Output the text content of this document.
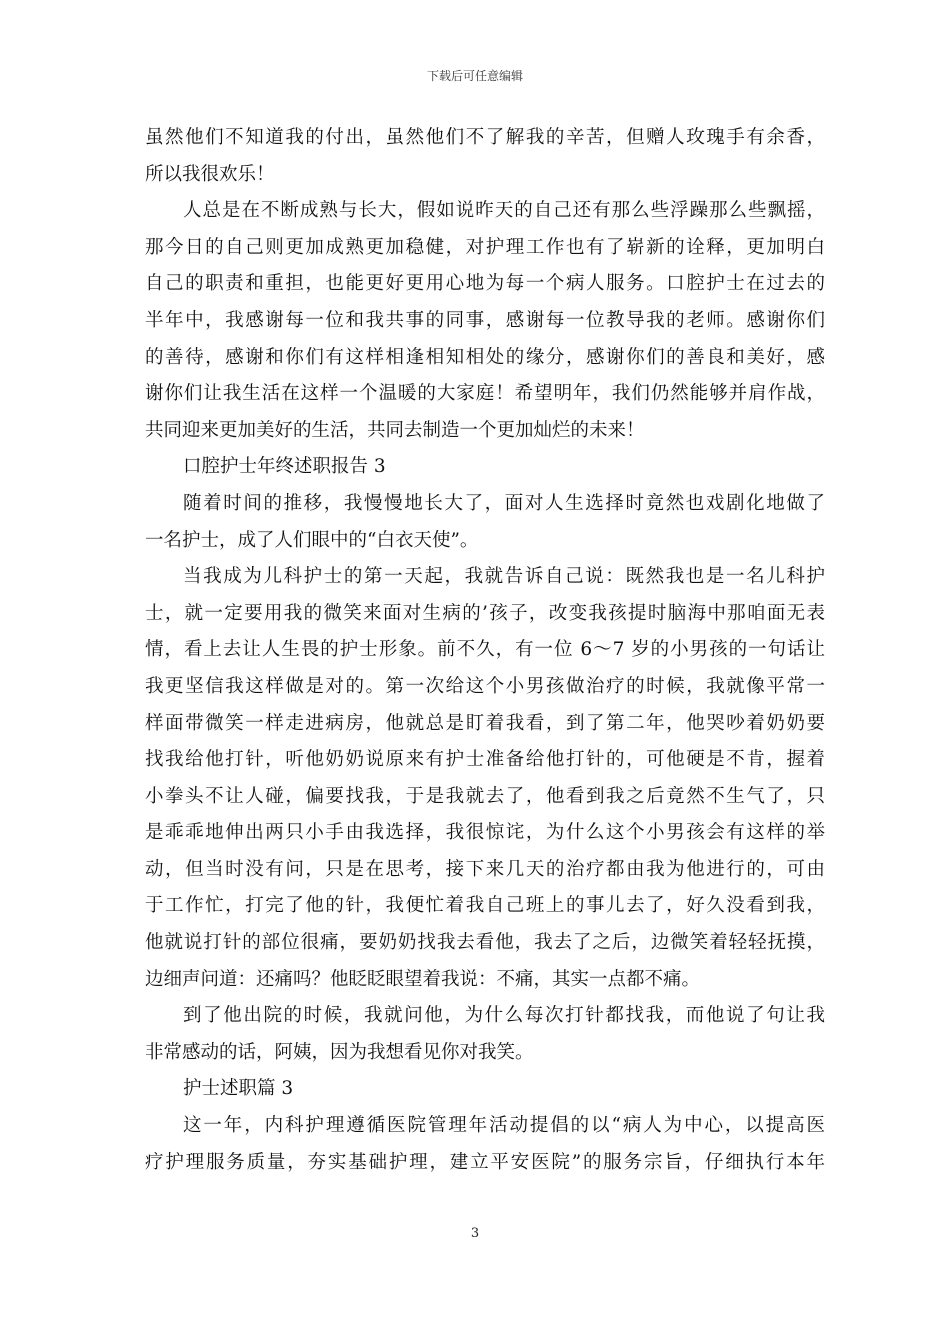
下载后可任意编辑
虽然他们不知道我的付出，虽然他们不了解我的辛苦，但赠人玫瑰手有余香，
所以我很欢乐！
人总是在不断成熟与长大，假如说昨天的自己还有那么些浮躁那么些飘摇，
那今日的自己则更加成熟更加稳健，对护理工作也有了崭新的诠释，更加明白
自己的职责和重担，也能更好更用心地为每一个病人服务。口腔护士在过去的
半年中，我感谢每一位和我共事的同事，感谢每一位教导我的老师。感谢你们
的善待，感谢和你们有这样相逢相知相处的缘分，感谢你们的善良和美好，感
谢你们让我生活在这样一个温暖的大家庭！希望明年，我们仍然能够并肩作战，
共同迎来更加美好的生活，共同去制造一个更加灿烂的未来！
口腔护士年终述职报告 3
随着时间的推移，我慢慢地长大了，面对人生选择时竟然也戏剧化地做了
一名护士，成了人们眼中的“白衣天使”。
当我成为儿科护士的第一天起，我就告诉自己说：既然我也是一名儿科护
士，就一定要用我的微笑来面对生病的’孩子，改变我孩提时脑海中那咱面无表
情，看上去让人生畏的护士形象。前不久，有一位 6～7 岁的小男孩的一句话让
我更坚信我这样做是对的。第一次给这个小男孩做治疗的时候，我就像平常一
样面带微笑一样走进病房，他就总是盯着我看，到了第二年，他哭吵着奶奶要
找我给他打针，听他奶奶说原来有护士准备给他打针的，可他硬是不肯，握着
小拳头不让人碰，偏要找我，于是我就去了，他看到我之后竟然不生气了，只
是乖乖地伸出两只小手由我选择，我很惊诧，为什么这个小男孩会有这样的举
动，但当时没有问，只是在思考，接下来几天的治疗都由我为他进行的，可由
于工作忙，打完了他的针，我便忙着我自己班上的事儿去了，好久没看到我，
他就说打针的部位很痛，要奶奶找我去看他，我去了之后，边微笑着轻轻抚摸，
边细声问道：还痛吗？他眨眨眼望着我说：不痛，其实一点都不痛。
到了他出院的时候，我就问他，为什么每次打针都找我，而他说了句让我
非常感动的话，阿姨，因为我想看见你对我笑。
护士述职篇 3
这一年，内科护理遵循医院管理年活动提倡的以“病人为中心，以提高医
疗护理服务质量，夯实基础护理，建立平安医院”的服务宗旨，仔细执行本年
3
